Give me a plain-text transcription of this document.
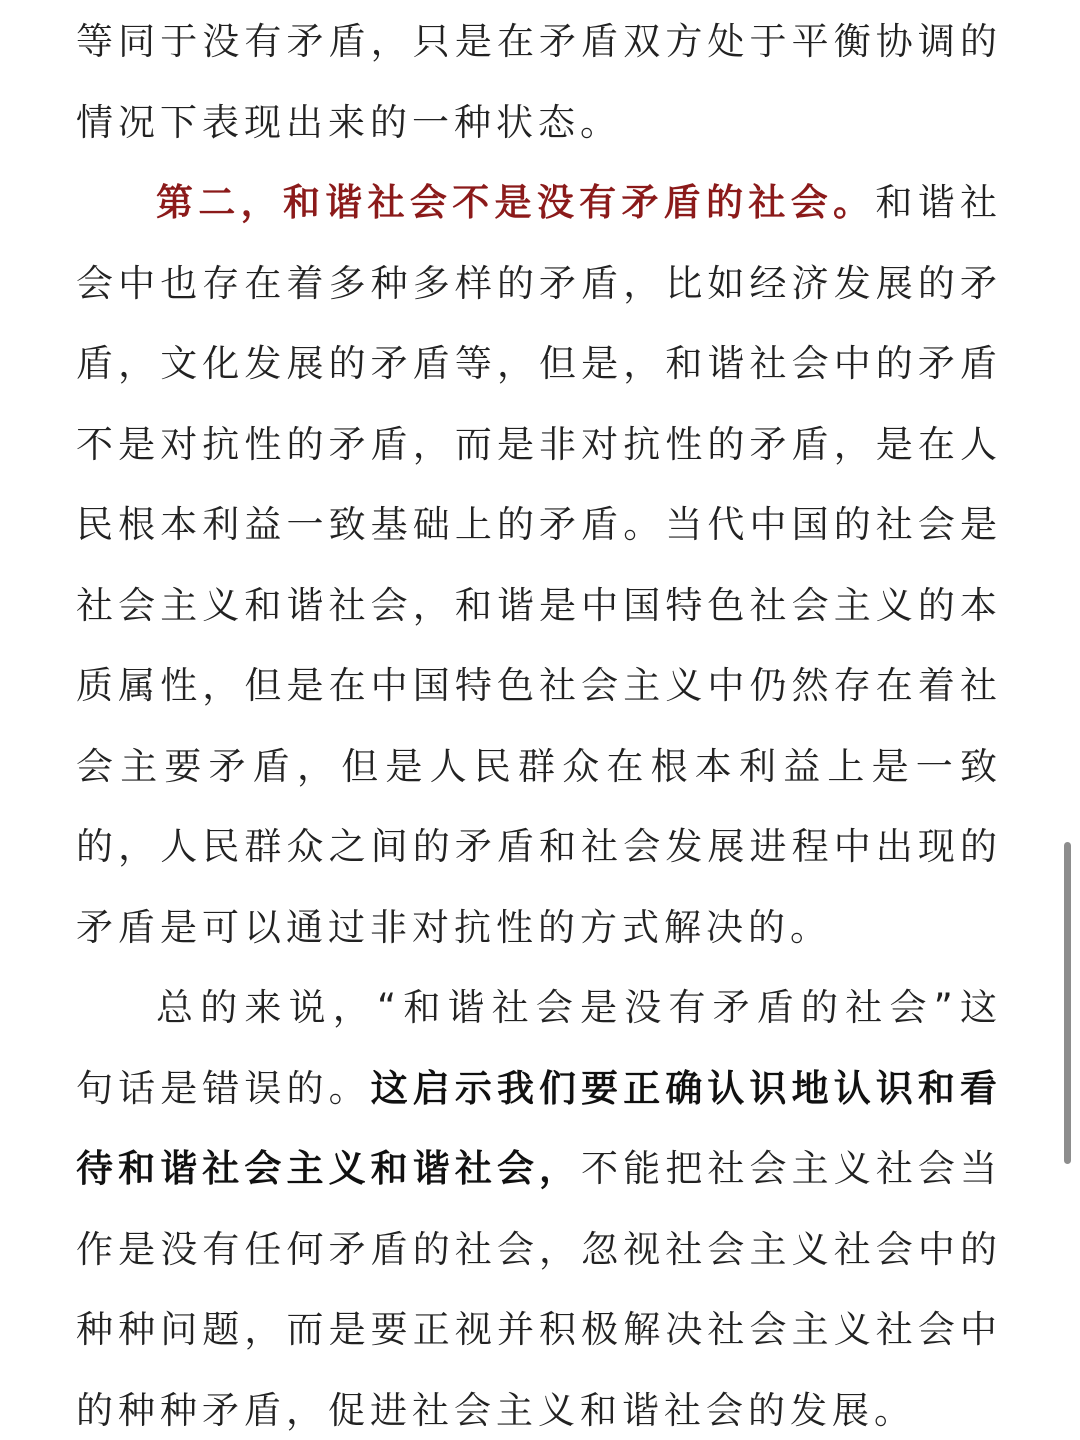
等同于没有矛盾，只是在矛盾双方处于平衡协调的情况下表现出来的一种状态。

第二，和谐社会不是没有矛盾的社会。和谐社会中也存在着多种多样的矛盾，比如经济发展的矛盾，文化发展的矛盾等，但是，和谐社会中的矛盾不是对抗性的矛盾，而是非对抗性的矛盾，是在人民根本利益一致基础上的矛盾。当代中国的社会是社会主义和谐社会，和谐是中国特色社会主义的本质属性，但是在中国特色社会主义中仍然存在着社会主要矛盾，但是人民群众在根本利益上是一致的，人民群众之间的矛盾和社会发展进程中出现的矛盾是可以通过非对抗性的方式解决的。

总的来说，“和谐社会是没有矛盾的社会”这句话是错误的。这启示我们要正确认识地认识和看待和谐社会主义和谐社会，不能把社会主义社会当作是没有任何矛盾的社会，忽视社会主义社会中的种种问题，而是要正视并积极解决社会主义社会中的种种矛盾，促进社会主义和谐社会的发展。
